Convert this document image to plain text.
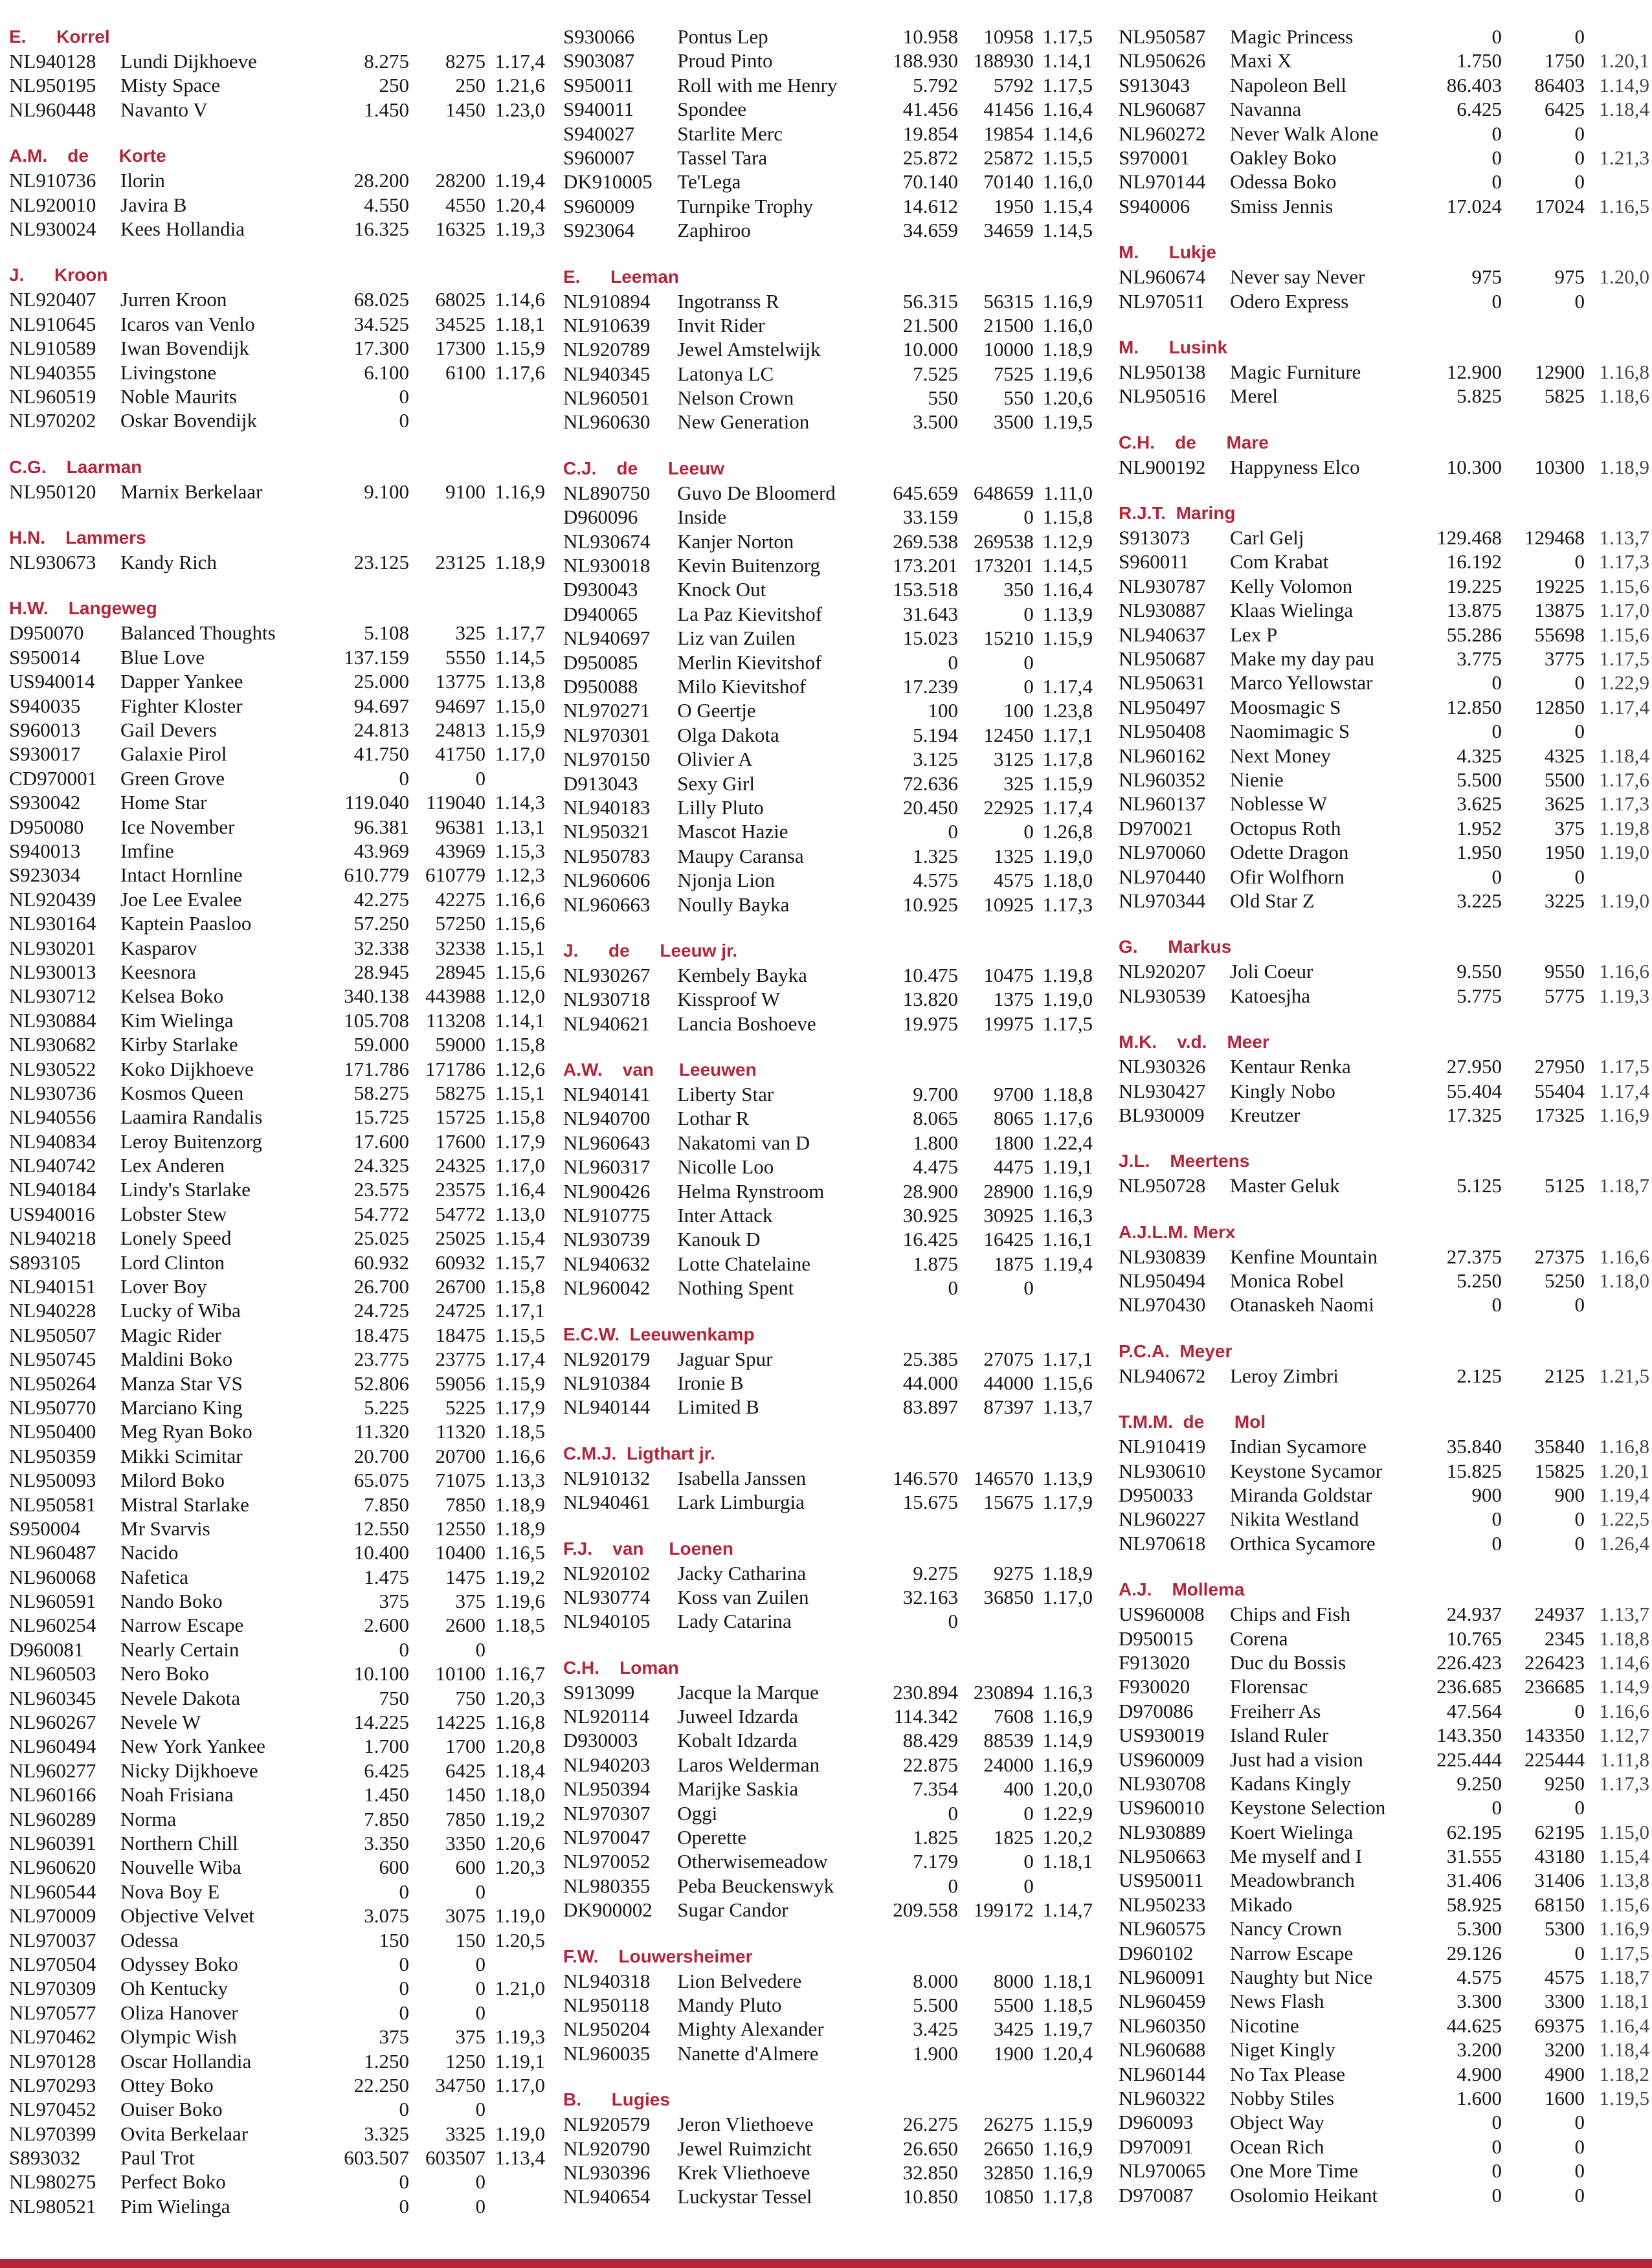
E.      Korrel
NL940128	Lundi Dijkhoeve	8.275	8275 1.17,4
NL950195	Misty Space	250	250 1.21,6
NL960448	Navanto V	1.450	1450 1.23,0
A.M.    de      Korte
NL910736	Ilorin	28.200	28200 1.19,4
NL920010	Javira B	4.550	4550 1.20,4
NL930024	Kees Hollandia	16.325	16325 1.19,3
J.      Kroon
NL920407	Jurren Kroon	68.025	68025 1.14,6
NL910645	Icaros van Venlo	34.525	34525 1.18,1
NL910589	Iwan Bovendijk	17.300	17300 1.15,9
NL940355	Livingstone	6.100	6100 1.17,6
NL960519	Noble Maurits	0
NL970202	Oskar Bovendijk	0
C.G.    Laarman
NL950120	Marnix Berkelaar	9.100	9100 1.16,9
H.N.    Lammers
NL930673	Kandy Rich	23.125	23125 1.18,9
H.W.    Langeweg
D950070	Balanced Thoughts	5.108	325 1.17,7
S950014	Blue Love	137.159	5550 1.14,5
US940014	Dapper Yankee	25.000	13775 1.13,8
S940035	Fighter Kloster	94.697	94697 1.15,0
S960013	Gail Devers	24.813	24813 1.15,9
S930017	Galaxie Pirol	41.750	41750 1.17,0
CD970001	Green Grove	0	0
S930042	Home Star	119.040 119040 1.14,3
D950080	Ice November	96.381	96381 1.13,1
S940013	Imfine	43.969	43969 1.15,3
S923034	Intact Hornline	610.779 610779 1.12,3
NL920439	Joe Lee Evalee	42.275	42275 1.16,6
NL930164	Kaptein Paasloo	57.250	57250 1.15,6
NL930201	Kasparov	32.338	32338 1.15,1
NL930013	Keesnora	28.945	28945 1.15,6
NL930712	Kelsea Boko	340.138 443988 1.12,0
NL930884	Kim Wielinga	105.708 113208 1.14,1
NL930682	Kirby Starlake	59.000	59000 1.15,8
NL930522	Koko Dijkhoeve	171.786 171786 1.12,6
NL930736	Kosmos Queen	58.275	58275 1.15,1
NL940556	Laamira Randalis	15.725	15725 1.15,8
NL940834	Leroy Buitenzorg	17.600	17600 1.17,9
NL940742	Lex Anderen	24.325	24325 1.17,0
NL940184	Lindy's Starlake	23.575	23575 1.16,4
US940016	Lobster Stew	54.772	54772 1.13,0
NL940218	Lonely Speed	25.025	25025 1.15,4
S893105	Lord Clinton	60.932	60932 1.15,7
NL940151	Lover Boy	26.700	26700 1.15,8
NL940228	Lucky of Wiba	24.725	24725 1.17,1
NL950507	Magic Rider	18.475	18475 1.15,5
NL950745	Maldini Boko	23.775	23775 1.17,4
NL950264	Manza Star VS	52.806	59056 1.15,9
NL950770	Marciano King	5.225	5225 1.17,9
NL950400	Meg Ryan Boko	11.320	11320 1.18,5
NL950359	Mikki Scimitar	20.700	20700 1.16,6
NL950093	Milord Boko	65.075	71075 1.13,3
NL950581	Mistral Starlake	7.850	7850 1.18,9
S950004	Mr Svarvis	12.550	12550 1.18,9
NL960487	Nacido	10.400	10400 1.16,5
NL960068	Nafetica	1.475	1475 1.19,2
NL960591	Nando Boko	375	375 1.19,6
NL960254	Narrow Escape	2.600	2600 1.18,5
D960081	Nearly Certain	0	0
NL960503	Nero Boko	10.100	10100 1.16,7
NL960345	Nevele Dakota	750	750 1.20,3
NL960267	Nevele W	14.225	14225 1.16,8
NL960494	New York Yankee	1.700	1700 1.20,8
NL960277	Nicky Dijkhoeve	6.425	6425 1.18,4
NL960166	Noah Frisiana	1.450	1450 1.18,0
NL960289	Norma	7.850	7850 1.19,2
NL960391	Northern Chill	3.350	3350 1.20,6
NL960620	Nouvelle Wiba	600	600 1.20,3
NL960544	Nova Boy E	0	0
NL970009	Objective Velvet	3.075	3075 1.19,0
NL970037	Odessa	150	150 1.20,5
NL970504	Odyssey Boko	0	0
NL970309	Oh Kentucky	0	0 1.21,0
NL970577	Oliza Hanover	0	0
NL970462	Olympic Wish	375	375 1.19,3
NL970128	Oscar Hollandia	1.250	1250 1.19,1
NL970293	Ottey Boko	22.250	34750 1.17,0
NL970452	Ouiser Boko	0	0
NL970399	Ovita Berkelaar	3.325	3325 1.19,0
S893032	Paul Trot	603.507 603507 1.13,4
NL980275	Perfect Boko	0	0
NL980521	Pim Wielinga	0	0
S930066	Pontus Lep	10.958	10958 1.17,5
S903087	Proud Pinto	188.930 188930 1.14,1
S950011	Roll with me Henry	5.792	5792 1.17,5
S940011	Spondee	41.456	41456 1.16,4
S940027	Starlite Merc	19.854	19854 1.14,6
S960007	Tassel Tara	25.872	25872 1.15,5
DK910005	Te'Lega	70.140	70140 1.16,0
S960009	Turnpike Trophy	14.612	1950 1.15,4
S923064	Zaphiroo	34.659	34659 1.14,5
E.      Leeman
NL910894	Ingotranss R	56.315	56315 1.16,9
NL910639	Invit Rider	21.500	21500 1.16,0
NL920789	Jewel Amstelwijk	10.000	10000 1.18,9
NL940345	Latonya LC	7.525	7525 1.19,6
NL960501	Nelson Crown	550	550 1.20,6
NL960630	New Generation	3.500	3500 1.19,5
C.J.    de      Leeuw
NL890750	Guvo De Bloomerd	645.659 648659 1.11,0
D960096	Inside	33.159	0 1.15,8
NL930674	Kanjer Norton	269.538 269538 1.12,9
NL930018	Kevin Buitenzorg	173.201 173201 1.14,5
D930043	Knock Out	153.518	350 1.16,4
D940065	La Paz Kievitshof	31.643	0 1.13,9
NL940697	Liz van Zuilen	15.023	15210 1.15,9
D950085	Merlin Kievitshof	0	0
D950088	Milo Kievitshof	17.239	0 1.17,4
NL970271	O Geertje	100	100 1.23,8
NL970301	Olga Dakota	5.194	12450 1.17,1
NL970150	Olivier A	3.125	3125 1.17,8
D913043	Sexy Girl	72.636	325 1.15,9
NL940183	Lilly Pluto	20.450	22925 1.17,4
NL950321	Mascot Hazie	0	0 1.26,8
NL950783	Maupy Caransa	1.325	1325 1.19,0
NL960606	Njonja Lion	4.575	4575 1.18,0
NL960663	Noully Bayka	10.925	10925 1.17,3
J.      de      Leeuw jr.
NL930267	Kembely Bayka	10.475	10475 1.19,8
NL930718	Kissproof W	13.820	1375 1.19,0
NL940621	Lancia Boshoeve	19.975	19975 1.17,5
A.W.    van     Leeuwen
NL940141	Liberty Star	9.700	9700 1.18,8
NL940700	Lothar R	8.065	8065 1.17,6
NL960643	Nakatomi van D	1.800	1800 1.22,4
NL960317	Nicolle Loo	4.475	4475 1.19,1
NL900426	Helma Rynstroom	28.900	28900 1.16,9
NL910775	Inter Attack	30.925	30925 1.16,3
NL930739	Kanouk D	16.425	16425 1.16,1
NL940632	Lotte Chatelaine	1.875	1875 1.19,4
NL960042	Nothing Spent	0	0
E.C.W.  Leeuwenkamp
NL920179	Jaguar Spur	25.385	27075 1.17,1
NL910384	Ironie B	44.000	44000 1.15,6
NL940144	Limited B	83.897	87397 1.13,7
C.M.J.  Ligthart jr.
NL910132	Isabella Janssen	146.570 146570 1.13,9
NL940461	Lark Limburgia	15.675	15675 1.17,9
F.J.    van     Loenen
NL920102	Jacky Catharina	9.275	9275 1.18,9
NL930774	Koss van Zuilen	32.163	36850 1.17,0
NL940105	Lady Catarina	0
C.H.    Loman
S913099	Jacque la Marque	230.894 230894 1.16,3
NL920114	Juweel Idzarda	114.342	7608 1.16,9
D930003	Kobalt Idzarda	88.429	88539 1.14,9
NL940203	Laros Welderman	22.875	24000 1.16,9
NL950394	Marijke Saskia	7.354	400 1.20,0
NL970307	Oggi	0	0 1.22,9
NL970047	Operette	1.825	1825 1.20,2
NL970052	Otherwisemeadow	7.179	0 1.18,1
NL980355	Peba Beuckenswyk	0	0
DK900002	Sugar Candor	209.558 199172 1.14,7
F.W.    Louwersheimer
NL940318	Lion Belvedere	8.000	8000 1.18,1
NL950118	Mandy Pluto	5.500	5500 1.18,5
NL950204	Mighty Alexander	3.425	3425 1.19,7
NL960035	Nanette d'Almere	1.900	1900 1.20,4
B.      Lugies
NL920579	Jeron Vliethoeve	26.275	26275 1.15,9
NL920790	Jewel Ruimzicht	26.650	26650 1.16,9
NL930396	Krek Vliethoeve	32.850	32850 1.16,9
NL940654	Luckystar Tessel	10.850	10850 1.17,8
NL950587	Magic Princess	0	0
NL950626	Maxi X	1.750	1750 1.20,1
S913043	Napoleon Bell	86.403	86403 1.14,9
NL960687	Navanna	6.425	6425 1.18,4
NL960272	Never Walk Alone	0	0
S970001	Oakley Boko	0	0 1.21,3
NL970144	Odessa Boko	0	0
S940006	Smiss Jennis	17.024	17024 1.16,5
M.      Lukje
NL960674	Never say Never	975	975 1.20,0
NL970511	Odero Express	0	0
M.      Lusink
NL950138	Magic Furniture	12.900	12900 1.16,8
NL950516	Merel	5.825	5825 1.18,6
C.H.    de      Mare
NL900192	Happyness Elco	10.300	10300 1.18,9
R.J.T.  Maring
S913073	Carl Gelj	129.468	129468 1.13,7
S960011	Com Krabat	16.192	0 1.17,3
NL930787	Kelly Volomon	19.225	19225 1.15,6
NL930887	Klaas Wielinga	13.875	13875 1.17,0
NL940637	Lex P	55.286	55698 1.15,6
NL950687	Make my day pau	3.775	3775 1.17,5
NL950631	Marco Yellowstar	0	0 1.22,9
NL950497	Moosmagic S	12.850	12850 1.17,4
NL950408	Naomimagic S	0	0
NL960162	Next Money	4.325	4325 1.18,4
NL960352	Nienie	5.500	5500 1.17,6
NL960137	Noblesse W	3.625	3625 1.17,3
D970021	Octopus Roth	1.952	375 1.19,8
NL970060	Odette Dragon	1.950	1950 1.19,0
NL970440	Ofir Wolfhorn	0	0
NL970344	Old Star Z	3.225	3225 1.19,0
G.      Markus
NL920207	Joli Coeur	9.550	9550 1.16,6
NL930539	Katoesjha	5.775	5775 1.19,3
M.K.    v.d.    Meer
NL930326	Kentaur Renka	27.950	27950 1.17,5
NL930427	Kingly Nobo	55.404	55404 1.17,4
BL930009	Kreutzer	17.325	17325 1.16,9
J.L.    Meertens
NL950728	Master Geluk	5.125	5125 1.18,7
A.J.L.M. Merx
NL930839	Kenfine Mountain	27.375	27375 1.16,6
NL950494	Monica Robel	5.250	5250 1.18,0
NL970430	Otanaskeh Naomi	0	0
P.C.A.  Meyer
NL940672	Leroy Zimbri	2.125	2125 1.21,5
T.M.M.  de      Mol
NL910419	Indian Sycamore	35.840	35840 1.16,8
NL930610	Keystone Sycamor	15.825	15825 1.20,1
D950033	Miranda Goldstar	900	900 1.19,4
NL960227	Nikita Westland	0	0 1.22,5
NL970618	Orthica Sycamore	0	0 1.26,4
A.J.    Mollema
US960008	Chips and Fish	24.937	24937 1.13,7
D950015	Corena	10.765	2345 1.18,8
F913020	Duc du Bossis	226.423	226423 1.14,6
F930020	Florensac	236.685	236685 1.14,9
D970086	Freiherr As	47.564	0 1.16,6
US930019	Island Ruler	143.350	143350 1.12,7
US960009	Just had a vision	225.444	225444 1.11,8
NL930708	Kadans Kingly	9.250	9250 1.17,3
US960010	Keystone Selection	0	0
NL930889	Koert Wielinga	62.195	62195 1.15,0
NL950663	Me myself and I	31.555	43180 1.15,4
US950011	Meadowbranch	31.406	31406 1.13,8
NL950233	Mikado	58.925	68150 1.15,6
NL960575	Nancy Crown	5.300	5300 1.16,9
D960102	Narrow Escape	29.126	0 1.17,5
NL960091	Naughty but Nice	4.575	4575 1.18,7
NL960459	News Flash	3.300	3300 1.18,1
NL960350	Nicotine	44.625	69375 1.16,4
NL960688	Niget Kingly	3.200	3200 1.18,4
NL960144	No Tax Please	4.900	4900 1.18,2
NL960322	Nobby Stiles	1.600	1600 1.19,5
D960093	Object Way	0	0
D970091	Ocean Rich	0	0
NL970065	One More Time	0	0
D970087	Osolomio Heikant	0	0
